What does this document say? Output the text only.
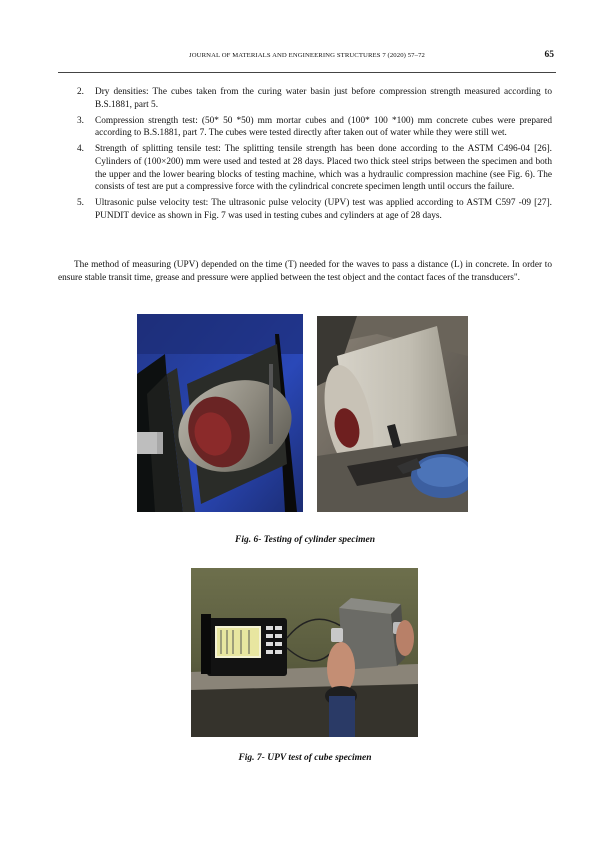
JOURNAL OF MATERIALS AND ENGINEERING STRUCTURES 7 (2020) 57–72	65
2. Dry densities: The cubes taken from the curing water basin just before compression strength measured according to B.S.1881, part 5.
3. Compression strength test: (50* 50 *50) mm mortar cubes and (100* 100 *100) mm concrete cubes were prepared according to B.S.1881, part 7. The cubes were tested directly after taken out of water while they were still wet.
4. Strength of splitting tensile test: The splitting tensile strength has been done according to the ASTM C496-04 [26]. Cylinders of (100×200) mm were used and tested at 28 days. Placed two thick steel strips between the specimen and both the upper and the lower bearing blocks of testing machine, which was a hydraulic compression machine (see Fig. 6). The consists of test are put a compressive force with the cylindrical concrete specimen length until occurs the failure.
5. Ultrasonic pulse velocity test: The ultrasonic pulse velocity (UPV) test was applied according to ASTM C597 -09 [27]. PUNDIT device as shown in Fig. 7 was used in testing cubes and cylinders at age of 28 days.

The method of measuring (UPV) depended on the time (T) needed for the waves to pass a distance (L) in concrete. In order to ensure stable transit time, grease and pressure were applied between the test object and the contact faces of the transducers".

Fig. 6- Testing of cylinder specimen
Fig. 7- UPV test of cube specimen
